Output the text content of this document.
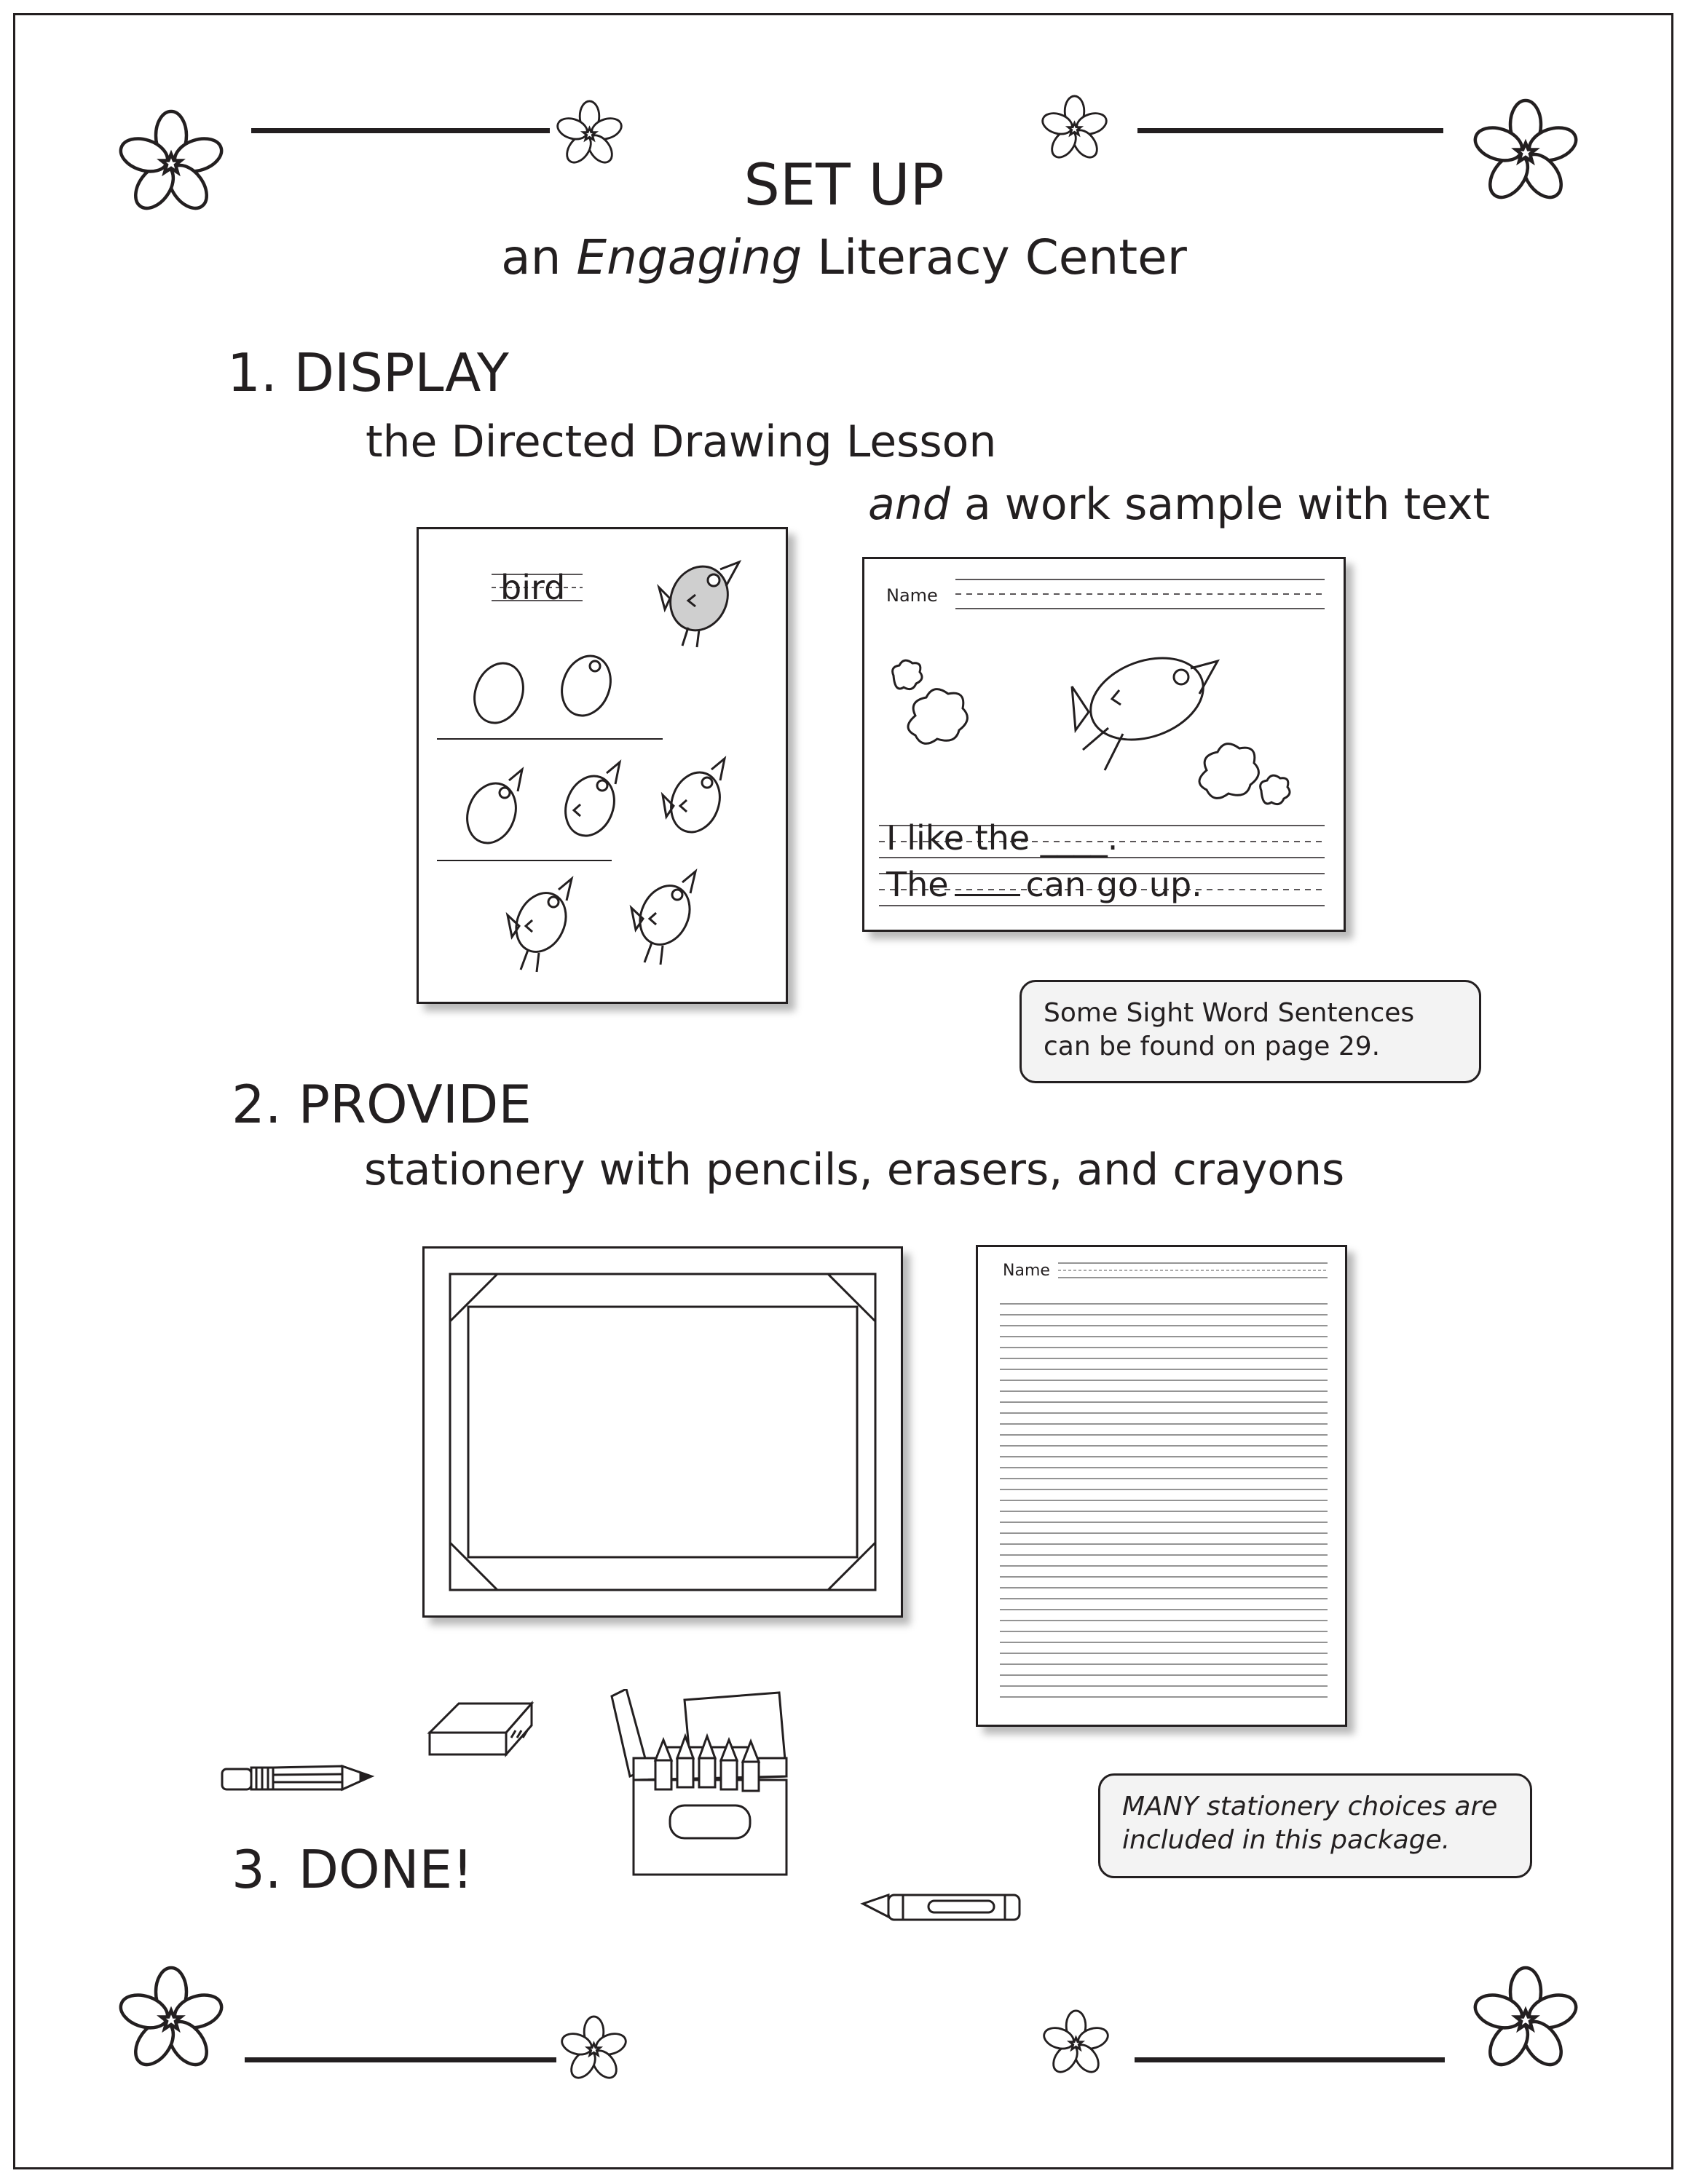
SET UP
an Engaging Literacy Center
1. DISPLAY
the Directed Drawing Lesson
and a work sample with text
bird	Name
I like the ____.
The can go up.
Some Sight Word Sentences
can be found on page 29.
2. PROVIDE
stationery with pencils, erasers, and crayons
Name
MANY stationery choices are
included in this package.
3. DONE!
